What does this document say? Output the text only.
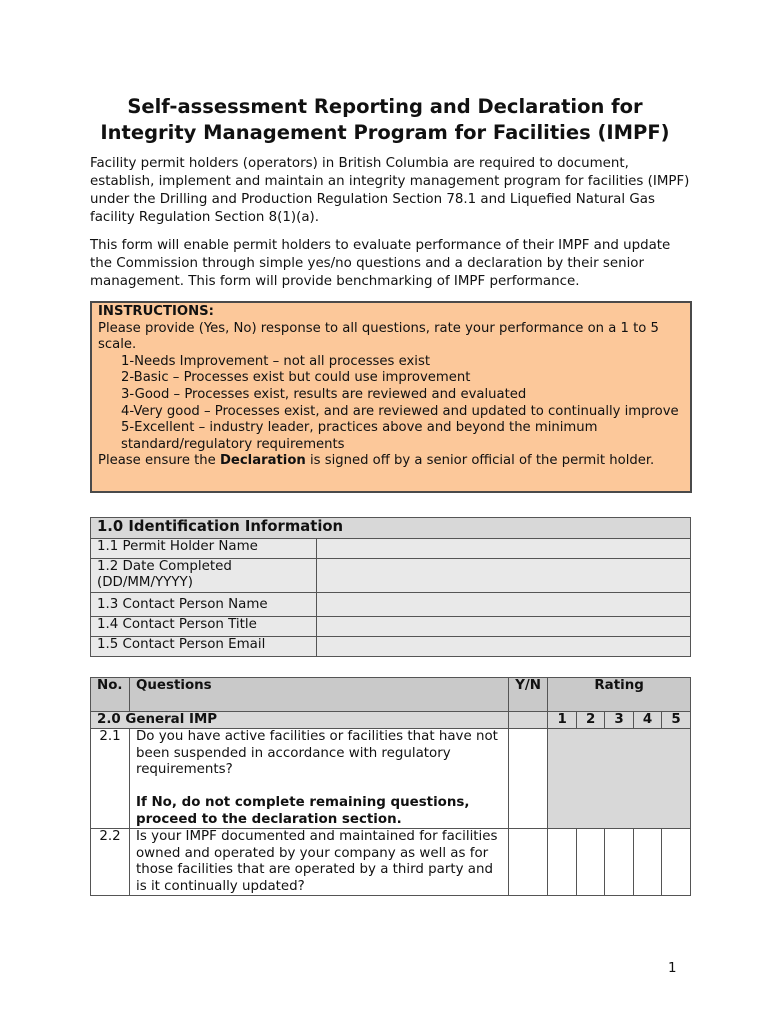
Self-assessment Reporting and Declaration for
Integrity Management Program for Facilities (IMPF)

Facility permit holders (operators) in British Columbia are required to document, establish, implement and maintain an integrity management program for facilities (IMPF) under the Drilling and Production Regulation Section 78.1 and Liquefied Natural Gas facility Regulation Section 8(1)(a).

This form will enable permit holders to evaluate performance of their IMPF and update the Commission through simple yes/no questions and a declaration by their senior management. This form will provide benchmarking of IMPF performance.

INSTRUCTIONS:
Please provide (Yes, No) response to all questions, rate your performance on a 1 to 5 scale.
1-Needs Improvement – not all processes exist
2-Basic – Processes exist but could use improvement
3-Good – Processes exist, results are reviewed and evaluated
4-Very good – Processes exist, and are reviewed and updated to continually improve
5-Excellent – industry leader, practices above and beyond the minimum standard/regulatory requirements
Please ensure the Declaration is signed off by a senior official of the permit holder.
1.0 Identification Information	
1.1 Permit Holder Name	
1.2 Date Completed (DD/MM/YYYY)	
1.3 Contact Person Name	
1.4 Contact Person Title	
1.5 Contact Person Email	
No.	Questions	Y/N	Rating				
2.0 General IMP			1	2	3	4	5
2.1	Do you have active facilities or facilities that have not been suspended in accordance with regulatory requirements?

If No, do not complete remaining questions, proceed to the declaration section.						
2.2	Is your IMPF documented and maintained for facilities owned and operated by your company as well as for those facilities that are operated by a third party and is it continually updated?						
1
